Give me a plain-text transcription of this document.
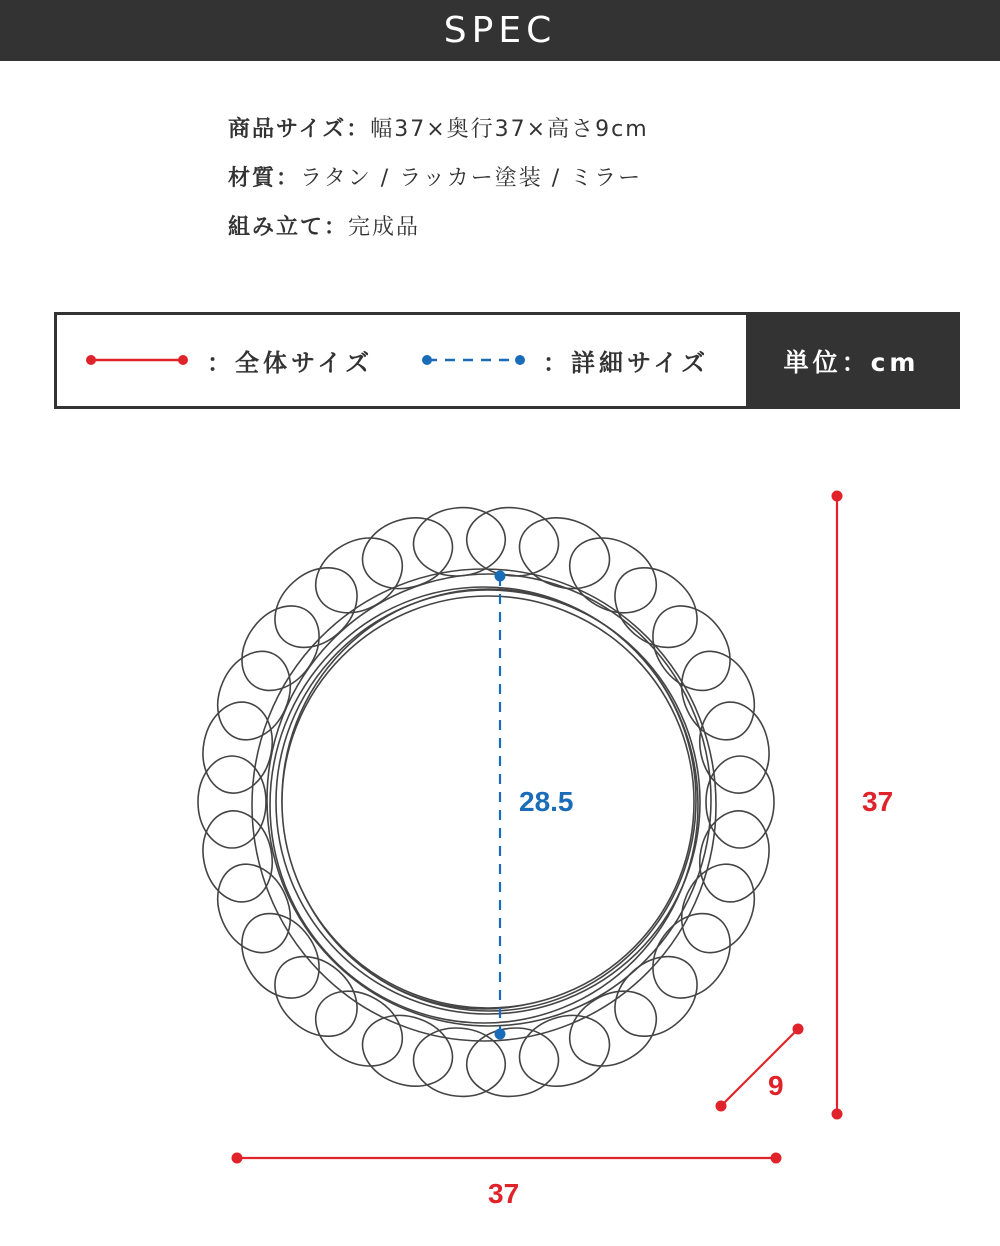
SPEC
商品サイズ：幅37×奥行37×高さ9cm
材質：ラタン / ラッカー塗装 / ミラー
組み立て：完成品
：全体サイズ	：詳細サイズ	単位：cm
28.5	37
37
9
